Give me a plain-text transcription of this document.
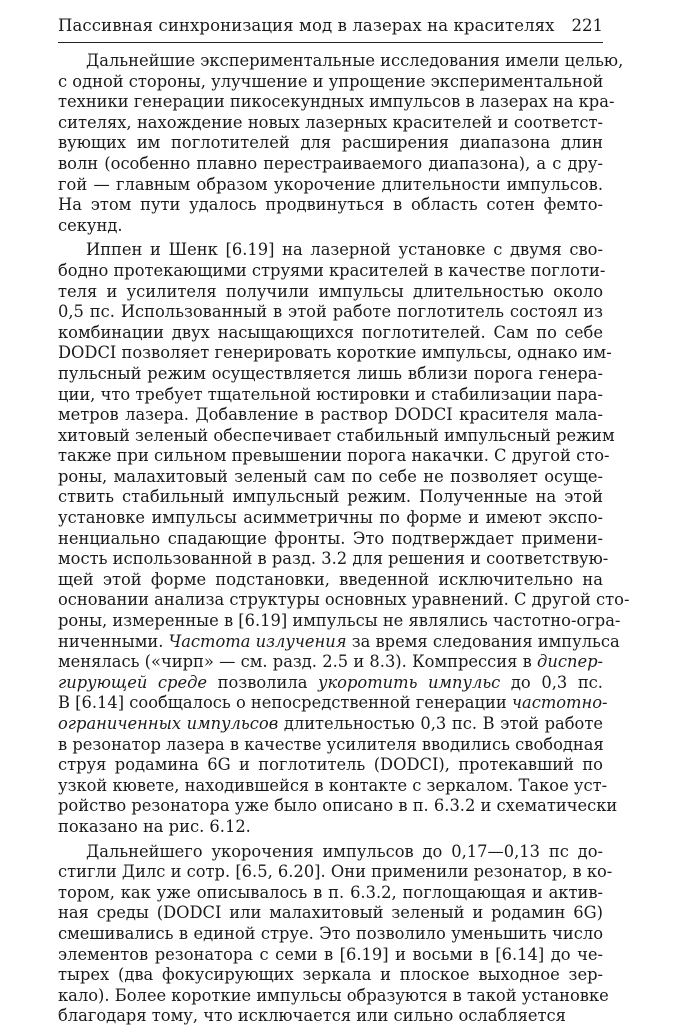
Пассивная синхронизация мод в лазерах на красителях 221
Дальнейшие экспериментальные исследования имели целью,
с одной стороны, улучшение и упрощение экспериментальной
техники генерации пикосекундных импульсов в лазерах на кра-
сителях, нахождение новых лазерных красителей и соответст-
вующих им поглотителей для расширения диапазона длин
волн (особенно плавно перестраиваемого диапазона), а с дру-
гой — главным образом укорочение длительности импульсов.
На этом пути удалось продвинуться в область сотен фемто-
секунд.
Иппен и Шенк [6.19] на лазерной установке с двумя сво-
бодно протекающими струями красителей в качестве поглоти-
теля и усилителя получили импульсы длительностью около
0,5 пс. Использованный в этой работе поглотитель состоял из
комбинации двух насыщающихся поглотителей. Сам по себе
DODCI позволяет генерировать короткие импульсы, однако им-
пульсный режим осуществляется лишь вблизи порога генера-
ции, что требует тщательной юстировки и стабилизации пара-
метров лазера. Добавление в раствор DODCI красителя мала-
хитовый зеленый обеспечивает стабильный импульсный режим
также при сильном превышении порога накачки. С другой сто-
роны, малахитовый зеленый сам по себе не позволяет осуще-
ствить стабильный импульсный режим. Полученные на этой
установке импульсы асимметричны по форме и имеют экспо-
ненциально спадающие фронты. Это подтверждает примени-
мость использованной в разд. 3.2 для решения и соответствую-
щей этой форме подстановки, введенной исключительно на
основании анализа структуры основных уравнений. С другой сто-
роны, измеренные в [6.19] импульсы не являлись частотно-огра-
ниченными. Частота излучения за время следования импульса
менялась («чирп» — см. разд. 2.5 и 8.3). Компрессия в диспер-
гирующей среде позволила укоротить импульс до 0,3 пс.
В [6.14] сообщалось о непосредственной генерации частотно-
ограниченных импульсов длительностью 0,3 пс. В этой работе
в резонатор лазера в качестве усилителя вводились свободная
струя родамина 6G и поглотитель (DODCI), протекавший по
узкой кювете, находившейся в контакте с зеркалом. Такое уст-
ройство резонатора уже было описано в п. 6.3.2 и схематически
показано на рис. 6.12.
Дальнейшего укорочения импульсов до 0,17—0,13 пс до-
стигли Дилс и сотр. [6.5, 6.20]. Они применили резонатор, в ко-
тором, как уже описывалось в п. 6.3.2, поглощающая и актив-
ная среды (DODCI или малахитовый зеленый и родамин 6G)
смешивались в единой струе. Это позволило уменьшить число
элементов резонатора с семи в [6.19] и восьми в [6.14] до че-
тырех (два фокусирующих зеркала и плоское выходное зер-
кало). Более короткие импульсы образуются в такой установке
благодаря тому, что исключается или сильно ослабляется
